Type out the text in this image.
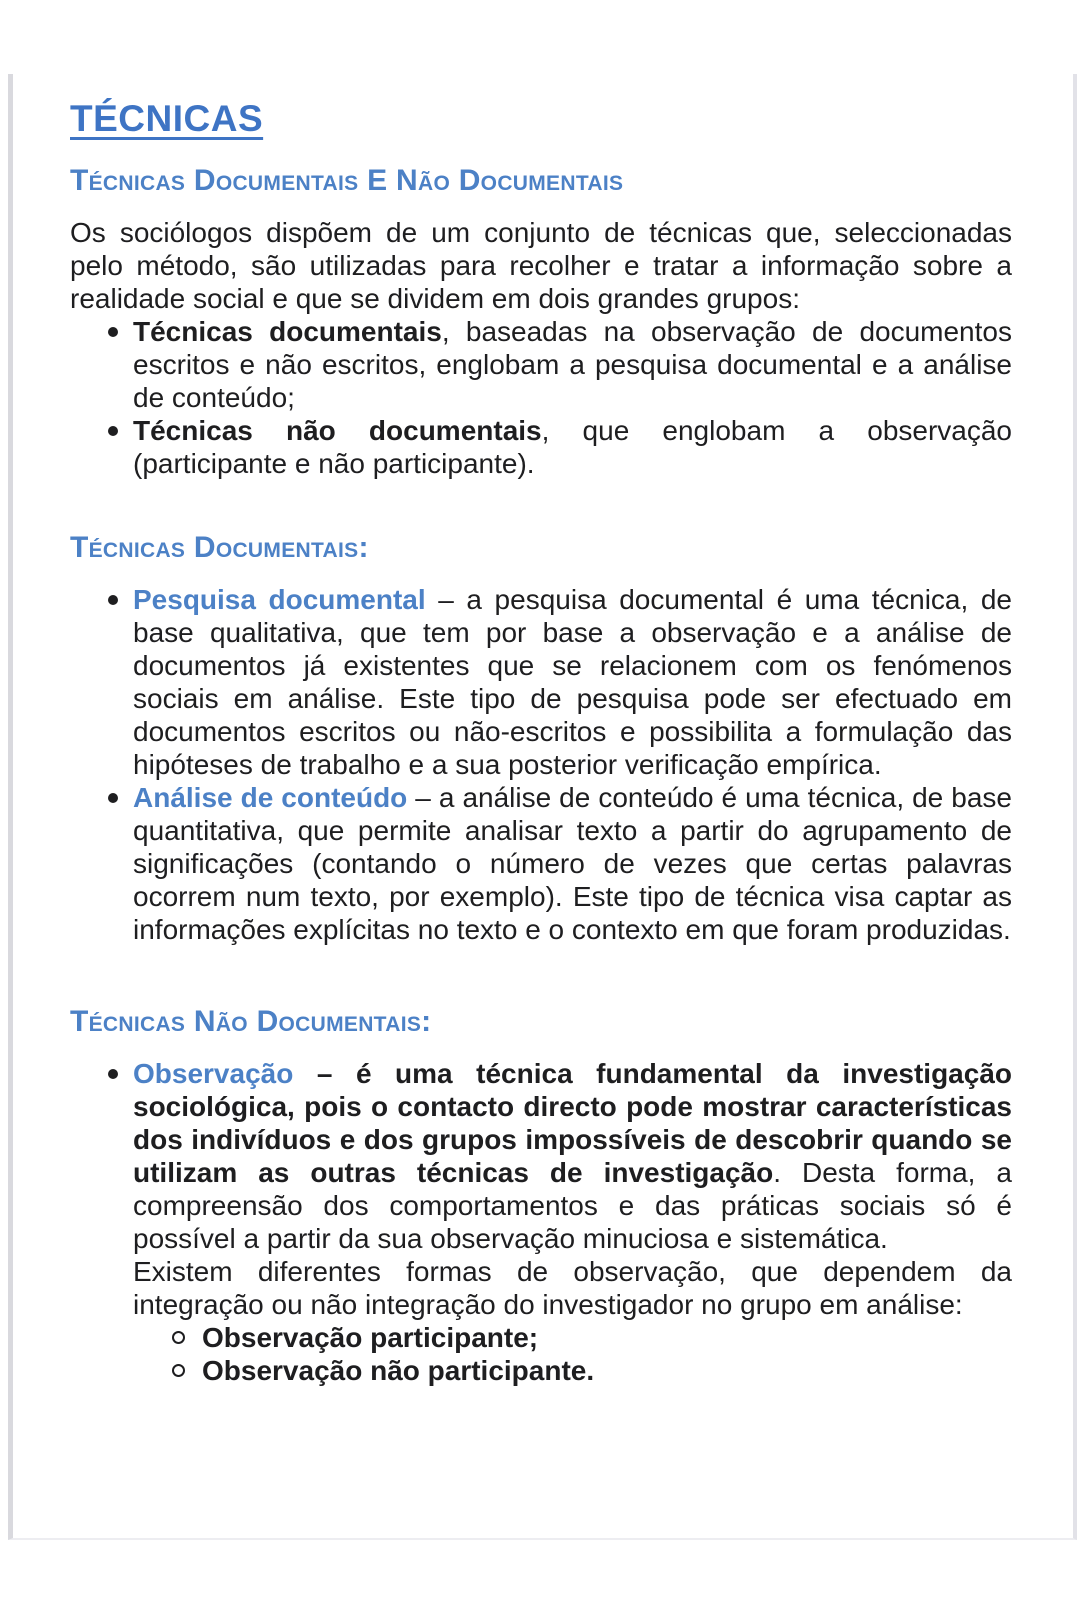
TÉCNICAS
Técnicas Documentais E Não Documentais

Os sociólogos dispõem de um conjunto de técnicas que, seleccionadas pelo método, são utilizadas para recolher e tratar a informação sobre a realidade social e que se dividem em dois grandes grupos:

Técnicas documentais, baseadas na observação de documentos escritos e não escritos, englobam a pesquisa documental e a análise de conteúdo;
Técnicas não documentais, que englobam a observação (participante e não participante).
Técnicas Documentais:
Pesquisa documental – a pesquisa documental é uma técnica, de base qualitativa, que tem por base a observação e a análise de documentos já existentes que se relacionem com os fenómenos sociais em análise. Este tipo de pesquisa pode ser efectuado em documentos escritos ou não-escritos e possibilita a formulação das hipóteses de trabalho e a sua posterior verificação empírica.
Análise de conteúdo – a análise de conteúdo é uma técnica, de base quantitativa, que permite analisar texto a partir do agrupamento de significações (contando o número de vezes que certas palavras ocorrem num texto, por exemplo). Este tipo de técnica visa captar as informações explícitas no texto e o contexto em que foram produzidas.
Técnicas Não Documentais:
Observação – é uma técnica fundamental da investigação sociológica, pois o contacto directo pode mostrar características dos indivíduos e dos grupos impossíveis de descobrir quando se utilizam as outras técnicas de investigação. Desta forma, a compreensão dos comportamentos e das práticas sociais só é possível a partir da sua observação minuciosa e sistemática.

Existem diferentes formas de observação, que dependem da integração ou não integração do investigador no grupo em análise:

Observação participante;
Observação não participante.
